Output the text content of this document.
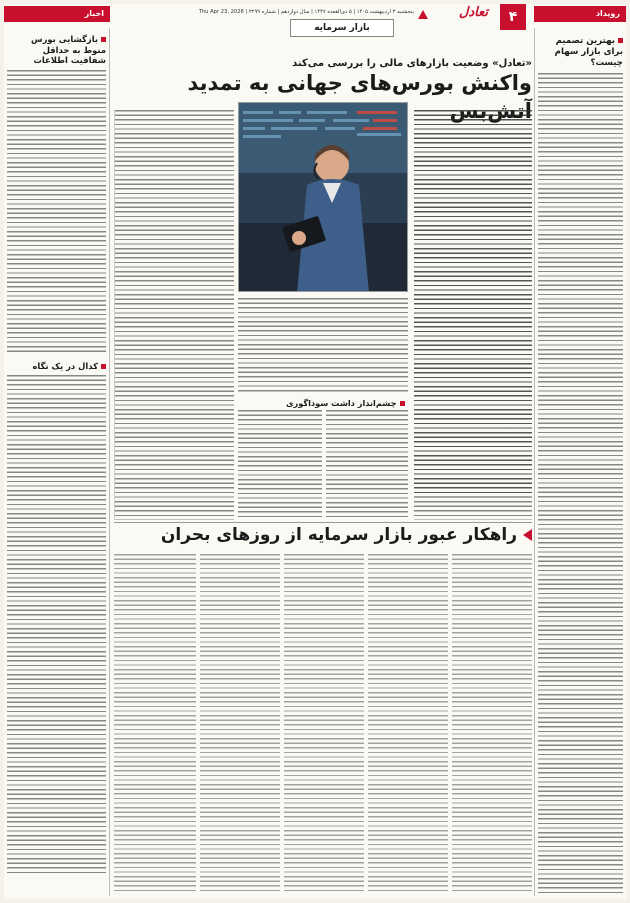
رویداد
۴
تعادل
پنجشنبه ۳ اردیبهشت ۱۴۰۵ | ۵ ذی‌القعده ۱۴۴۷ | سال دوازدهم | شماره ۳۲۹۹ | Thu Apr 23, 2026
اخبار
بازار سرمایه
بهترین تصمیم برای بازار سهام چیست؟
بازگشایی بورس منوط به حداقل شفافیت اطلاعات
کدال در یک نگاه
«تعادل» وضعیت بازارهای مالی را بررسی می‌کند
واکنش بورس‌های جهانی به تمدید آتش‌بس
چشم‌انداز داشت سوداگوری
راهکار عبور بازار سرمایه از روزهای بحران
